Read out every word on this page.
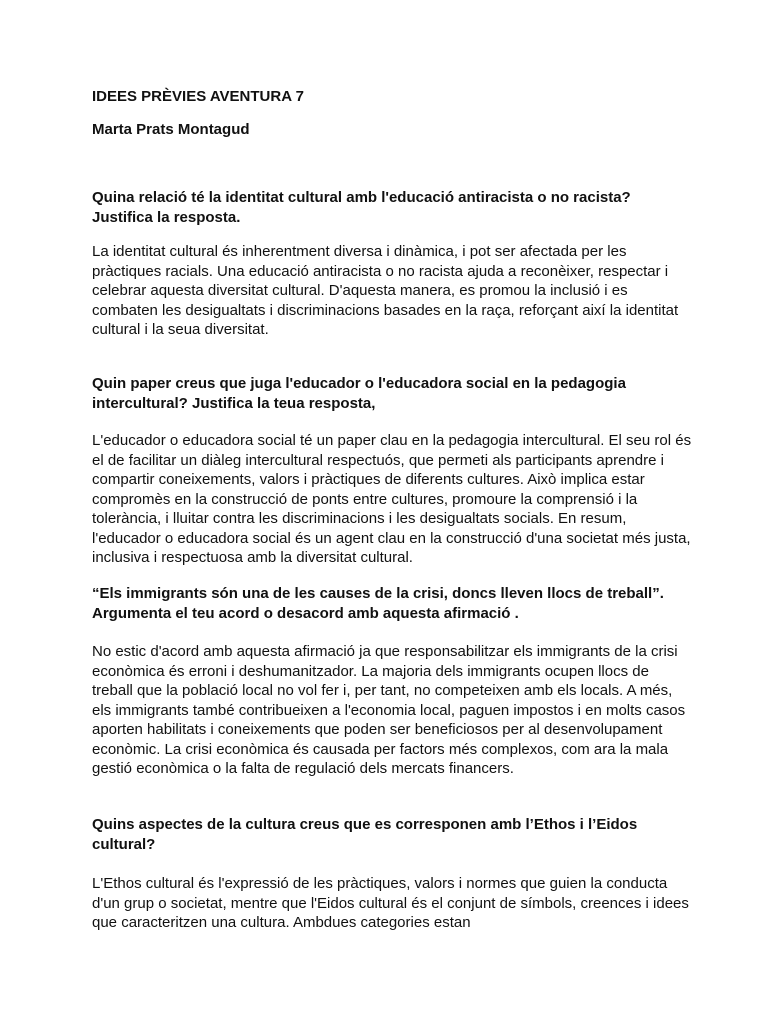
IDEES PRÈVIES AVENTURA 7
Marta Prats Montagud
Quina relació té la identitat cultural amb l'educació antiracista o no racista? Justifica la resposta.
La identitat cultural és inherentment diversa i dinàmica, i pot ser afectada per les pràctiques racials. Una educació antiracista o no racista ajuda a reconèixer, respectar i celebrar aquesta diversitat cultural. D'aquesta manera, es promou la inclusió i es combaten les desigualtats i discriminacions basades en la raça, reforçant així la identitat cultural i la seua diversitat.
Quin paper creus que juga l'educador o l'educadora social en la pedagogia intercultural? Justifica la teua resposta,
L'educador o educadora social té un paper clau en la pedagogia intercultural. El seu rol és el de facilitar un diàleg intercultural respectuós, que permeti als participants aprendre i compartir coneixements, valors i pràctiques de diferents cultures. Això implica estar compromès en la construcció de ponts entre cultures, promoure la comprensió i la tolerància, i lluitar contra les discriminacions i les desigualtats socials. En resum, l'educador o educadora social és un agent clau en la construcció d'una societat més justa, inclusiva i respectuosa amb la diversitat cultural.
“Els immigrants són una de les causes de la crisi, doncs lleven llocs de treball”. Argumenta el teu acord o desacord amb aquesta afirmació .
No estic d'acord amb aquesta afirmació ja que responsabilitzar els immigrants de la crisi econòmica és erroni i deshumanitzador. La majoria dels immigrants ocupen llocs de treball que la població local no vol fer i, per tant, no competeixen amb els locals. A més, els immigrants també contribueixen a l'economia local, paguen impostos i en molts casos aporten habilitats i coneixements que poden ser beneficiosos per al desenvolupament econòmic. La crisi econòmica és causada per factors més complexos, com ara la mala gestió econòmica o la falta de regulació dels mercats financers.
Quins aspectes de la cultura creus que es corresponen amb l’Ethos i l’Eidos cultural?
L'Ethos cultural és l'expressió de les pràctiques, valors i normes que guien la conducta d'un grup o societat, mentre que l'Eidos cultural és el conjunt de símbols, creences i idees que caracteritzen una cultura. Ambdues categories estan
